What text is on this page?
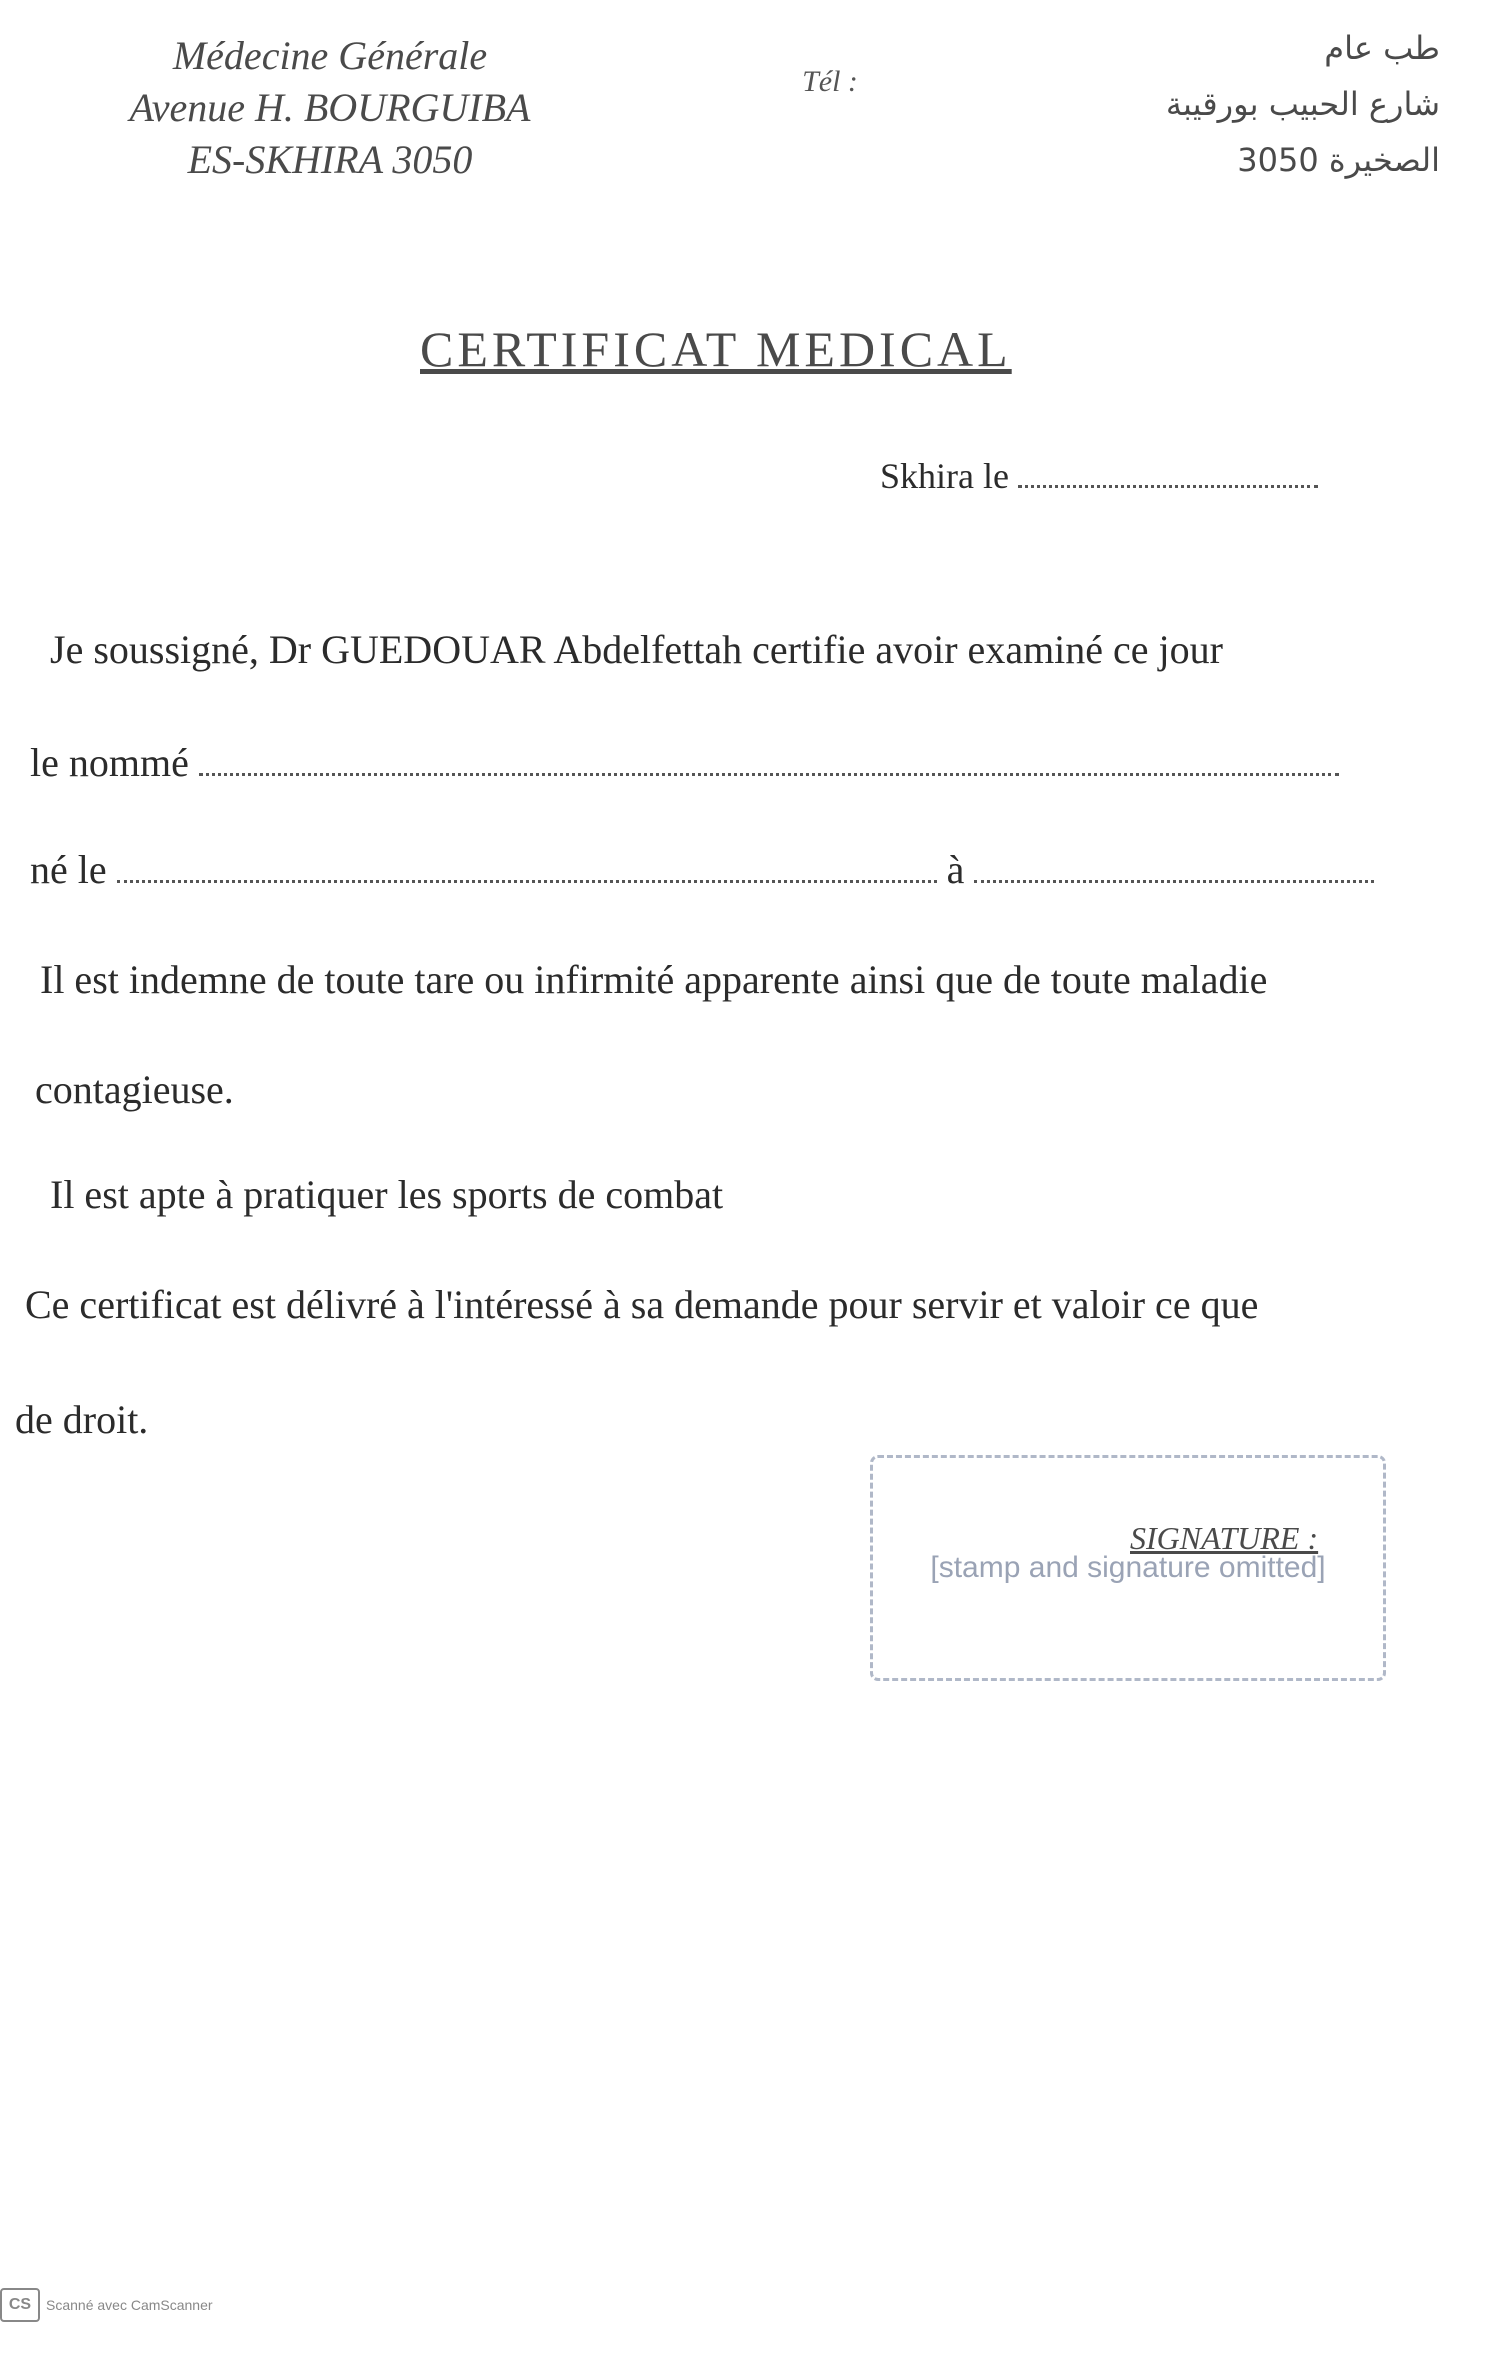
Médecine Générale
Avenue H. BOURGUIBA
ES-SKHIRA 3050
Tél :
طب عام
شارع الحبيب بورقيبة
الصخيرة 3050
CERTIFICAT MEDICAL
Skhira le
Je soussigné, Dr GUEDOUAR Abdelfettah certifie avoir examiné ce jour
le nommé
né le	à
Il est indemne de toute tare ou infirmité apparente ainsi que de toute maladie
contagieuse.
Il est apte à pratiquer les sports de combat
Ce certificat est délivré à l'intéressé à sa demande pour servir et valoir ce que
de droit.
[stamp and signature omitted]
SIGNATURE :
CS	Scanné avec CamScanner
